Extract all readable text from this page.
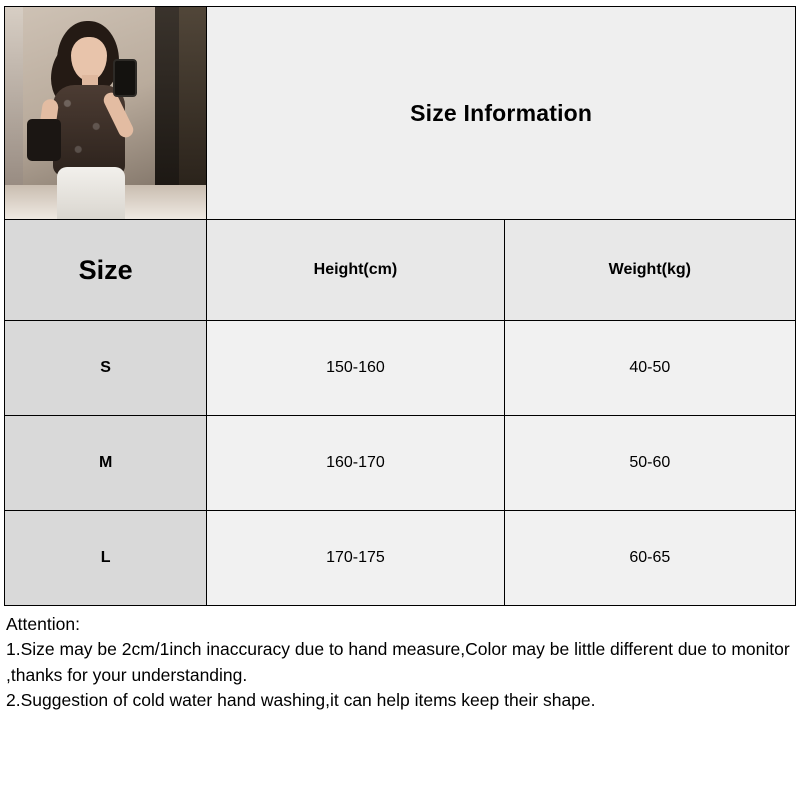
	Size Information	

Size	Height(cm)	Weight(kg)
S	150-160	40-50
M	160-170	50-60
L	170-175	60-65
Attention:
1.Size may be 2cm/1inch inaccuracy due to hand measure,Color may be little different due to monitor ,thanks for your understanding.
2.Suggestion of cold water hand washing,it can help items keep their shape.
